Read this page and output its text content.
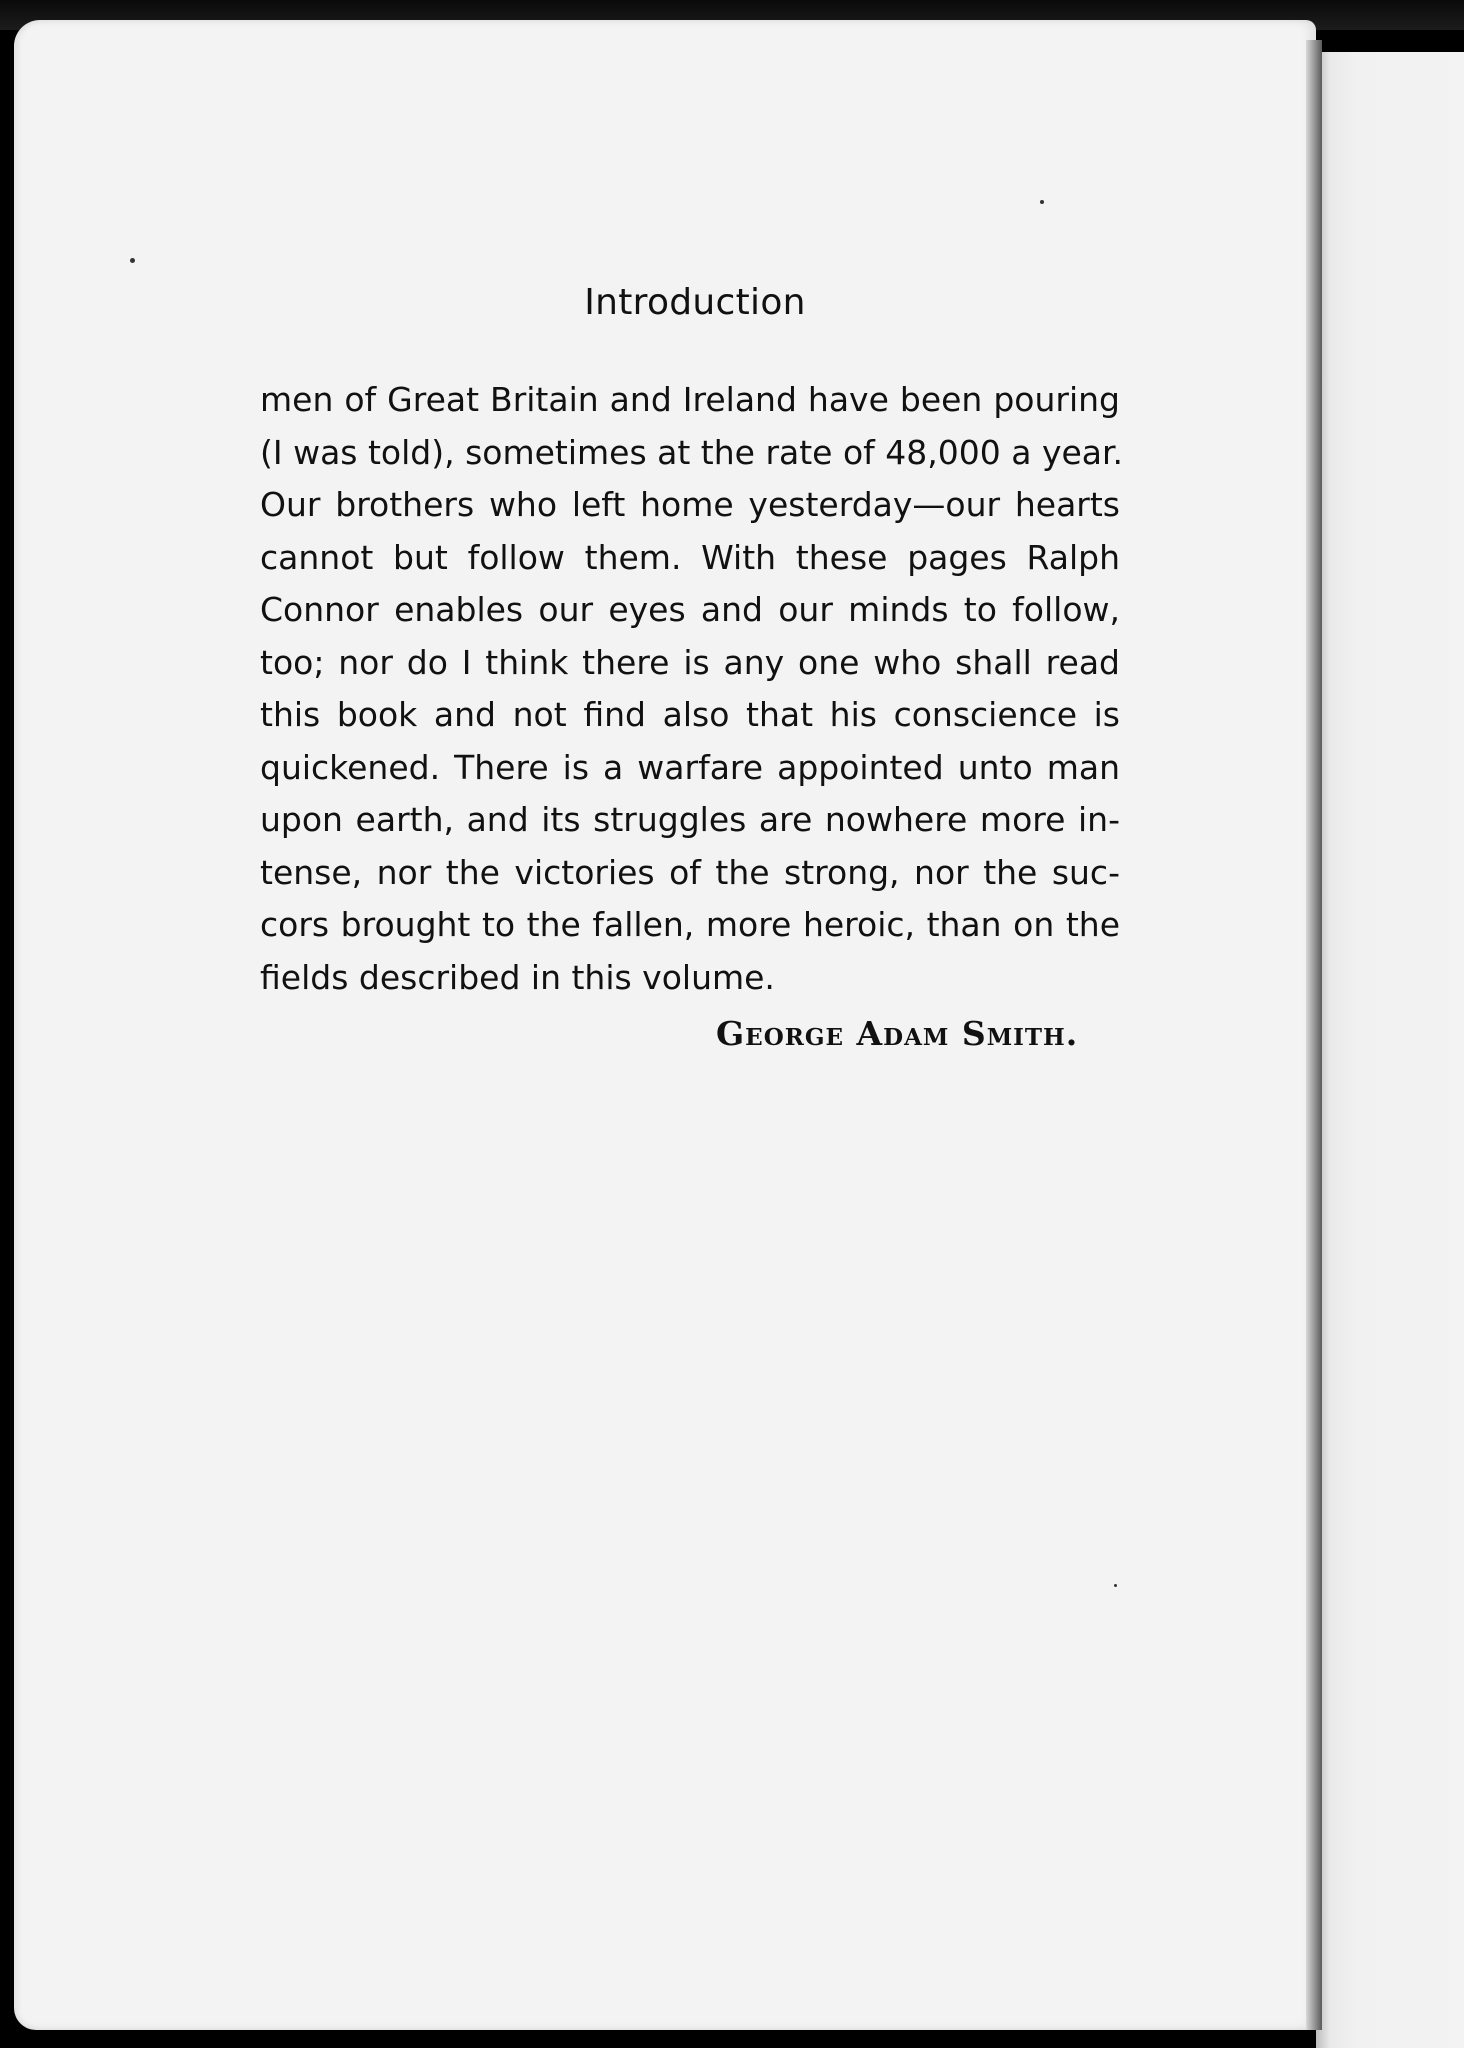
Introduction
men of Great Britain and Ireland have been pouring
(I was told), sometimes at the rate of 48,000 a year.
Our brothers who left home yesterday—our hearts
cannot but follow them. With these pages Ralph
Connor enables our eyes and our minds to follow,
too; nor do I think there is any one who shall read
this book and not find also that his conscience is
quickened. There is a warfare appointed unto man
upon earth, and its struggles are nowhere more in-
tense, nor the victories of the strong, nor the suc-
cors brought to the fallen, more heroic, than on the
fields described in this volume.
George Adam Smith.
